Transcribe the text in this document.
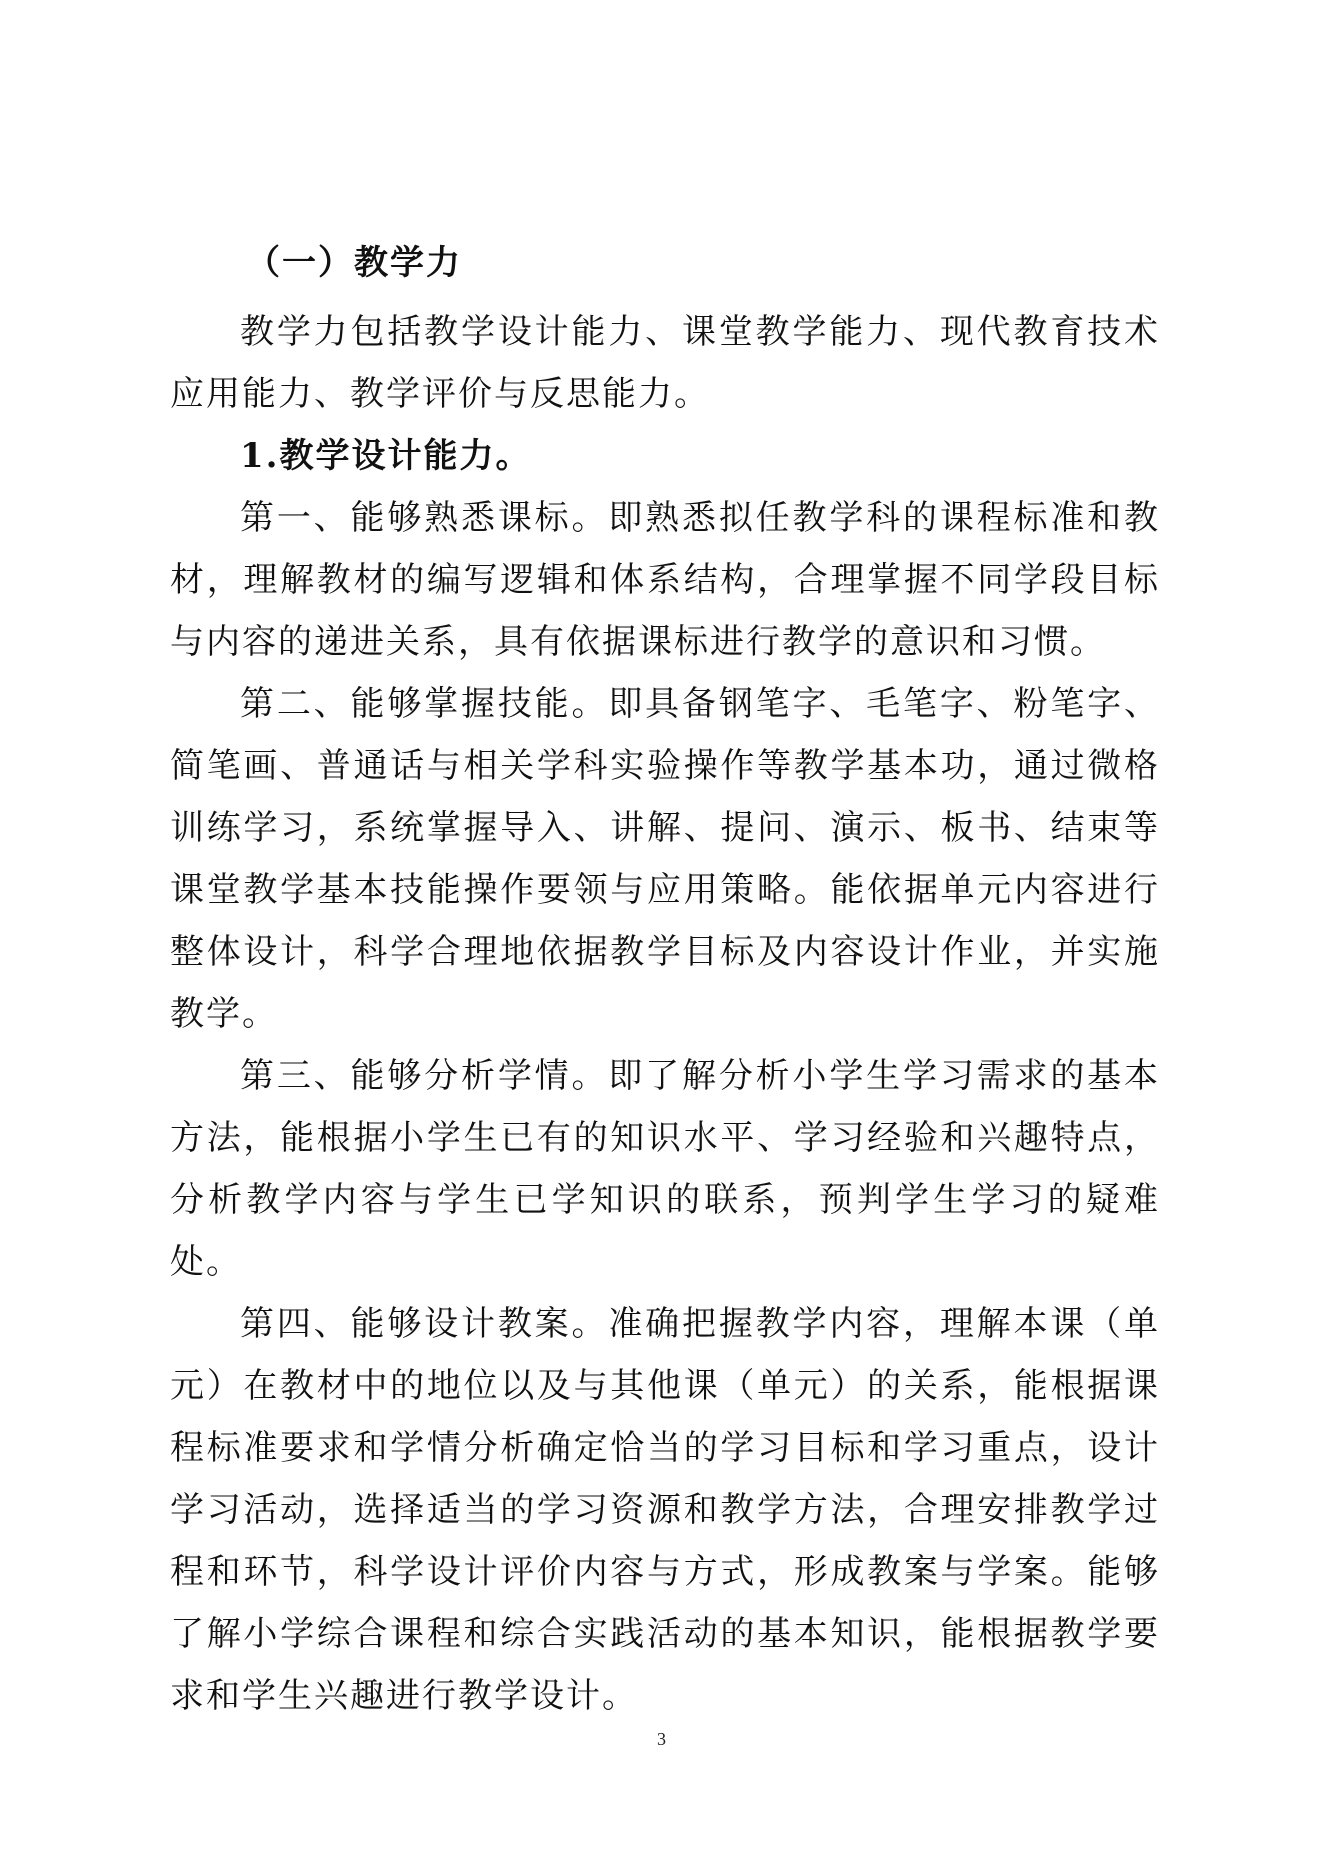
（一）教学力

教学力包括教学设计能力、课堂教学能力、现代教育技术应用能力、教学评价与反思能力。

1.教学设计能力。

第一、能够熟悉课标。即熟悉拟任教学科的课程标准和教材，理解教材的编写逻辑和体系结构，合理掌握不同学段目标与内容的递进关系，具有依据课标进行教学的意识和习惯。

第二、能够掌握技能。即具备钢笔字、毛笔字、粉笔字、简笔画、普通话与相关学科实验操作等教学基本功，通过微格训练学习，系统掌握导入、讲解、提问、演示、板书、结束等课堂教学基本技能操作要领与应用策略。能依据单元内容进行整体设计，科学合理地依据教学目标及内容设计作业，并实施教学。

第三、能够分析学情。即了解分析小学生学习需求的基本方法，能根据小学生已有的知识水平、学习经验和兴趣特点，分析教学内容与学生已学知识的联系，预判学生学习的疑难处。

第四、能够设计教案。准确把握教学内容，理解本课（单元）在教材中的地位以及与其他课（单元）的关系，能根据课程标准要求和学情分析确定恰当的学习目标和学习重点，设计学习活动，选择适当的学习资源和教学方法，合理安排教学过程和环节，科学设计评价内容与方式，形成教案与学案。能够了解小学综合课程和综合实践活动的基本知识，能根据教学要求和学生兴趣进行教学设计。

3
